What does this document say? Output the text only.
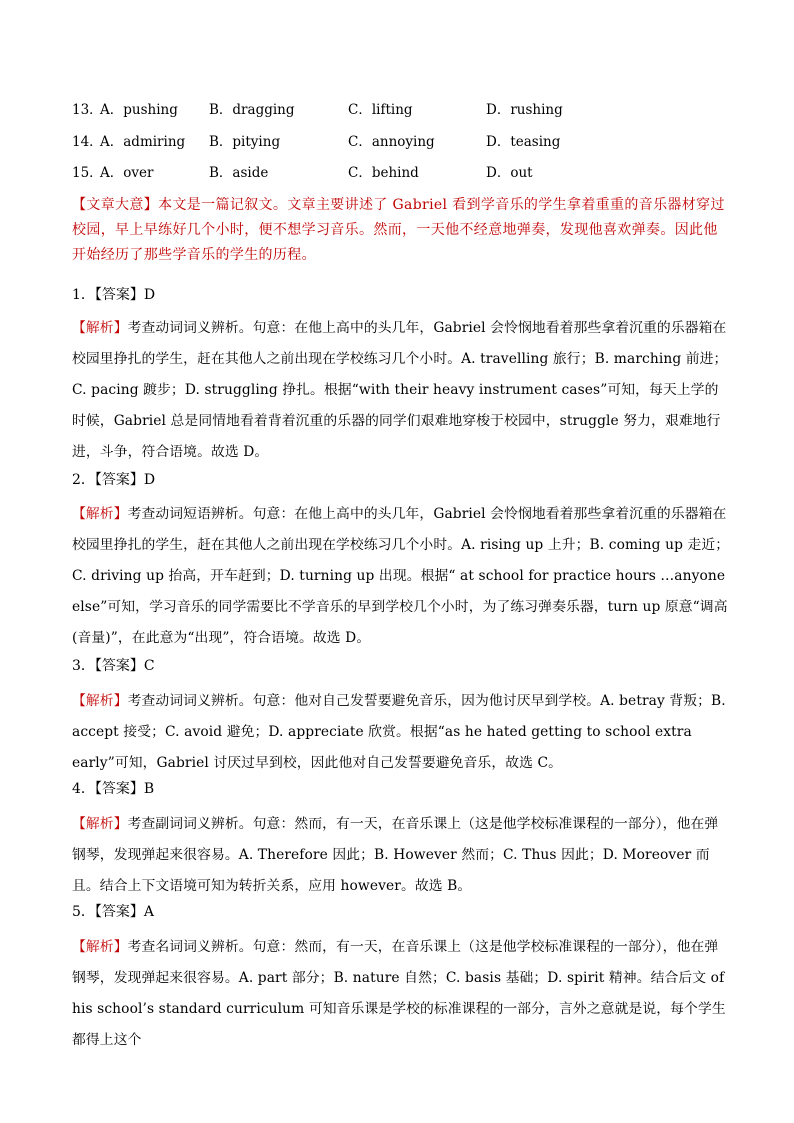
13．
A．pushing B．dragging	C．lifting	D．rushing
14．
A．admiring B．pitying	C．annoying	D．teasing
15．
A．over	B．aside	C．behind	D．out
【文章大意】本文是一篇记叙文。文章主要讲述了 Gabriel 看到学音乐的学生拿着重重的音乐器材穿过校园，早上早练好几个小时，便不想学习音乐。然而，一天他不经意地弹奏，发现他喜欢弹奏。因此他开始经历了那些学音乐的学生的历程。
1．【答案】D
【解析】考查动词词义辨析。句意：在他上高中的头几年，Gabriel 会怜悯地看着那些拿着沉重的乐器箱在校园里挣扎的学生，赶在其他人之前出现在学校练习几个小时。A. travelling 旅行；B. marching 前进；C. pacing 踱步；D. struggling 挣扎。根据“with their heavy instrument cases”可知，每天上学的时候，Gabriel 总是同情地看着背着沉重的乐器的同学们艰难地穿梭于校园中，struggle 努力，艰难地行进，斗争，符合语境。故选 D。
2．【答案】D
【解析】考查动词短语辨析。句意：在他上高中的头几年，Gabriel 会怜悯地看着那些拿着沉重的乐器箱在校园里挣扎的学生，赶在其他人之前出现在学校练习几个小时。A. rising up 上升；B. coming up 走近；C. driving up 抬高，开车赶到；D. turning up 出现。根据“ at school for practice hours …anyone else”可知，学习音乐的同学需要比不学音乐的早到学校几个小时，为了练习弹奏乐器，turn up 原意“调高(音量)”，在此意为“出现”，符合语境。故选 D。
3．【答案】C
【解析】考查动词词义辨析。句意：他对自己发誓要避免音乐，因为他讨厌早到学校。A. betray 背叛；B. accept 接受；C. avoid 避免；D. appreciate 欣赏。根据“as he hated getting to school extra early”可知，Gabriel 讨厌过早到校，因此他对自己发誓要避免音乐，故选 C。
4．【答案】B
【解析】考查副词词义辨析。句意：然而，有一天，在音乐课上（这是他学校标准课程的一部分），他在弹钢琴，发现弹起来很容易。A. Therefore 因此；B. However 然而；C. Thus 因此；D. Moreover 而且。结合上下文语境可知为转折关系，应用 however。故选 B。
5．【答案】A
【解析】考查名词词义辨析。句意：然而，有一天，在音乐课上（这是他学校标准课程的一部分），他在弹钢琴，发现弹起来很容易。A. part 部分；B. nature 自然；C. basis 基础；D. spirit 精神。结合后文 of his school’s standard curriculum 可知音乐课是学校的标准课程的一部分，言外之意就是说，每个学生都得上这个
